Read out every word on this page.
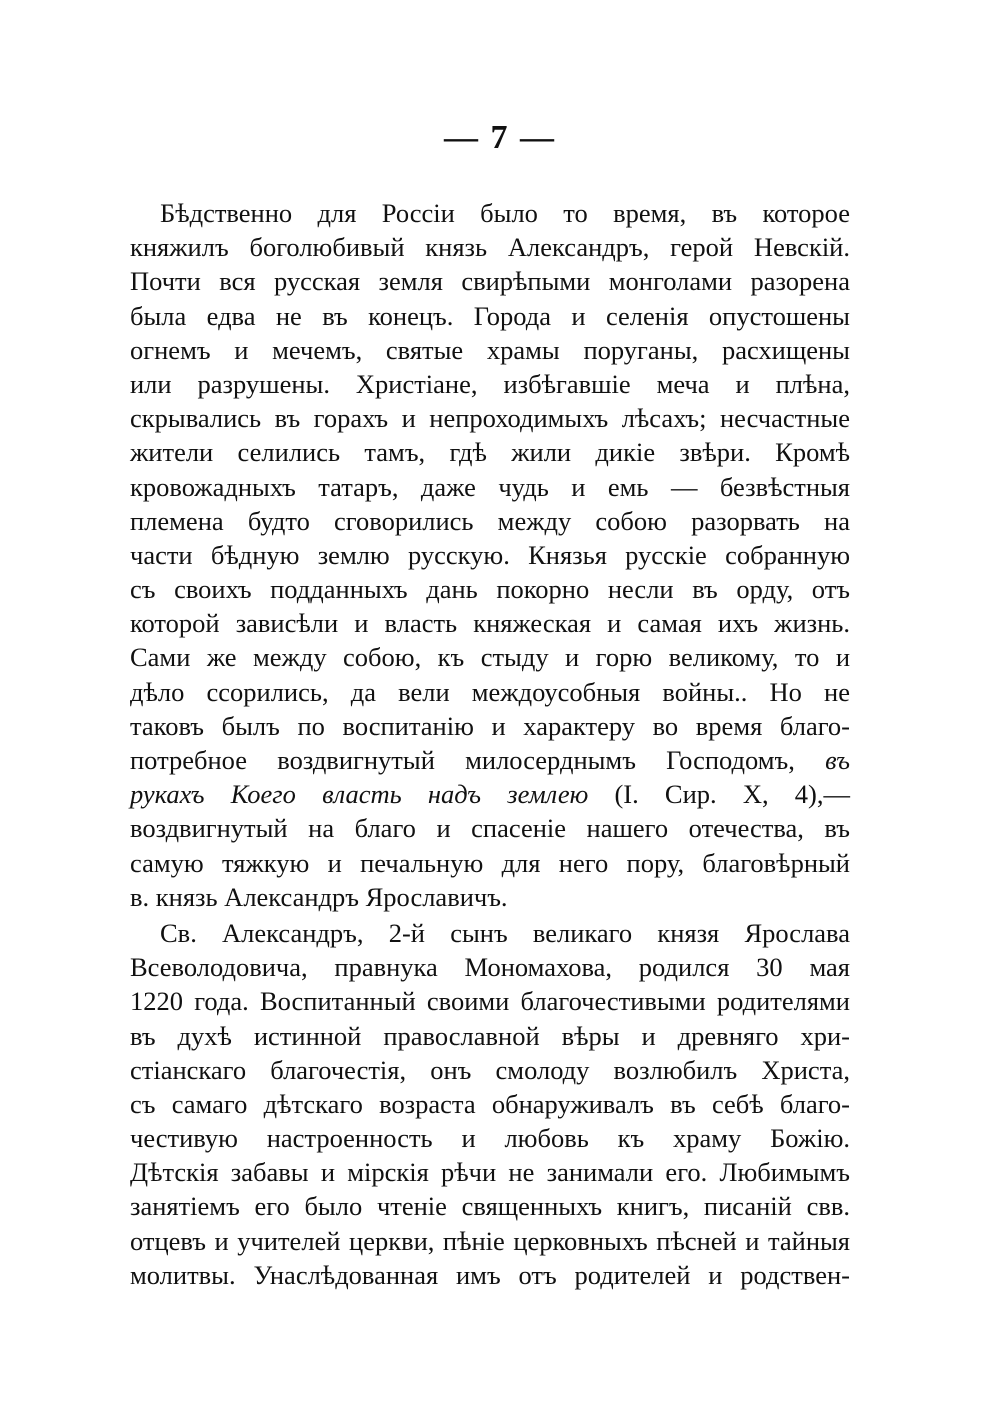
— 7 —
Бѣдственно для Россіи было то время, въ которое
княжилъ боголюбивый князь Александръ, герой Невскій.
Почти вся русская земля свирѣпыми монголами разорена
была едва не въ конецъ. Города и селенія опустошены
огнемъ и мечемъ, святые храмы поруганы, расхищены
или разрушены. Христіане, избѣгавшіе меча и плѣна,
скрывались въ горахъ и непроходимыхъ лѣсахъ; несчастные
жители селились тамъ, гдѣ жили дикіе звѣри. Кромѣ
кровожадныхъ татаръ, даже чудь и емь — безвѣстныя
племена будто сговорились между собою разорвать на
части бѣдную землю русскую. Князья русскіе собранную
съ своихъ подданныхъ дань покорно несли въ орду, отъ
которой зависѣли и власть княжеская и самая ихъ жизнь.
Сами же между собою, къ стыду и горю великому, то и
дѣло ссорились, да вели междоусобныя войны.. Но не
таковъ былъ по воспитанію и характеру во время благо-
потребное воздвигнутый милосерднымъ Господомъ, въ
рукахъ Коего власть надъ землею (I. Сир. X, 4),—
воздвигнутый на благо и спасеніе нашего отечества, въ
самую тяжкую и печальную для него пору, благовѣрный
в. князь Александръ Ярославичъ.
Св. Александръ, 2-й сынъ великаго князя Ярослава
Всеволодовича, правнука Мономахова, родился 30 мая
1220 года. Воспитанный своими благочестивыми родителями
въ духѣ истинной православной вѣры и древняго хри-
стіанскаго благочестія, онъ смолоду возлюбилъ Христа,
съ самаго дѣтскаго возраста обнаруживалъ въ себѣ благо-
честивую настроенность и любовь къ храму Божію.
Дѣтскія забавы и мірскія рѣчи не занимали его. Любимымъ
занятіемъ его было чтеніе священныхъ книгъ, писаній свв.
отцевъ и учителей церкви, пѣніе церковныхъ пѣсней и тайныя
молитвы. Унаслѣдованная имъ отъ родителей и родствен-
